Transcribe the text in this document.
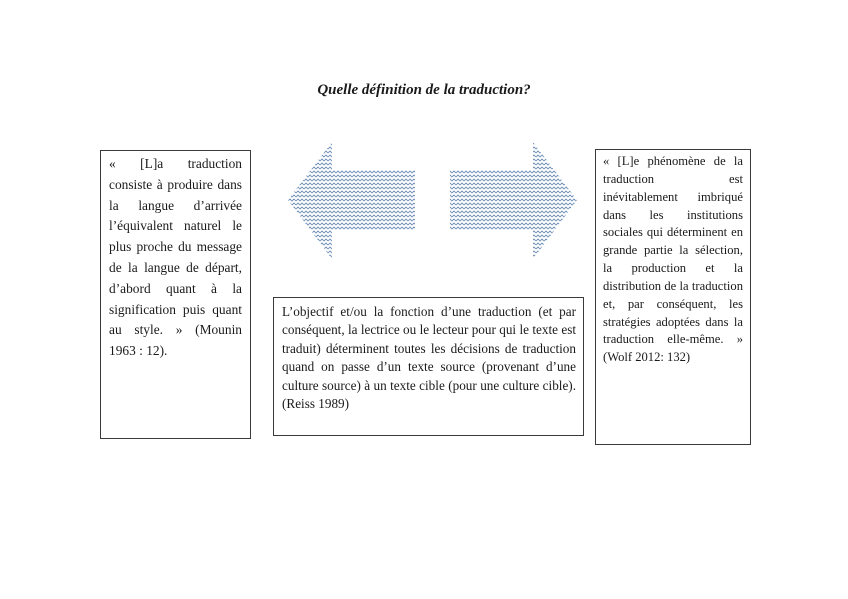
Quelle définition de la traduction?
« [L]a traduction consiste à produire dans la langue d’arrivée l’équivalent naturel le plus proche du message de la langue de départ, d’abord quant à la signification puis quant au style. » (Mounin 1963 : 12).
L’objectif et/ou la fonction d’une traduction (et par conséquent, la lectrice ou le lecteur pour qui le texte est traduit) déterminent toutes les décisions de traduction quand on passe d’un texte source (provenant d’une culture source) à un texte cible (pour une culture cible). (Reiss 1989)
« [L]e phénomène de la traduction est inévitablement imbriqué dans les institutions sociales qui déterminent en grande partie la sélection, la production et la distribution de la traduction et, par conséquent, les stratégies adoptées dans la traduction elle-même. » (Wolf 2012: 132)
